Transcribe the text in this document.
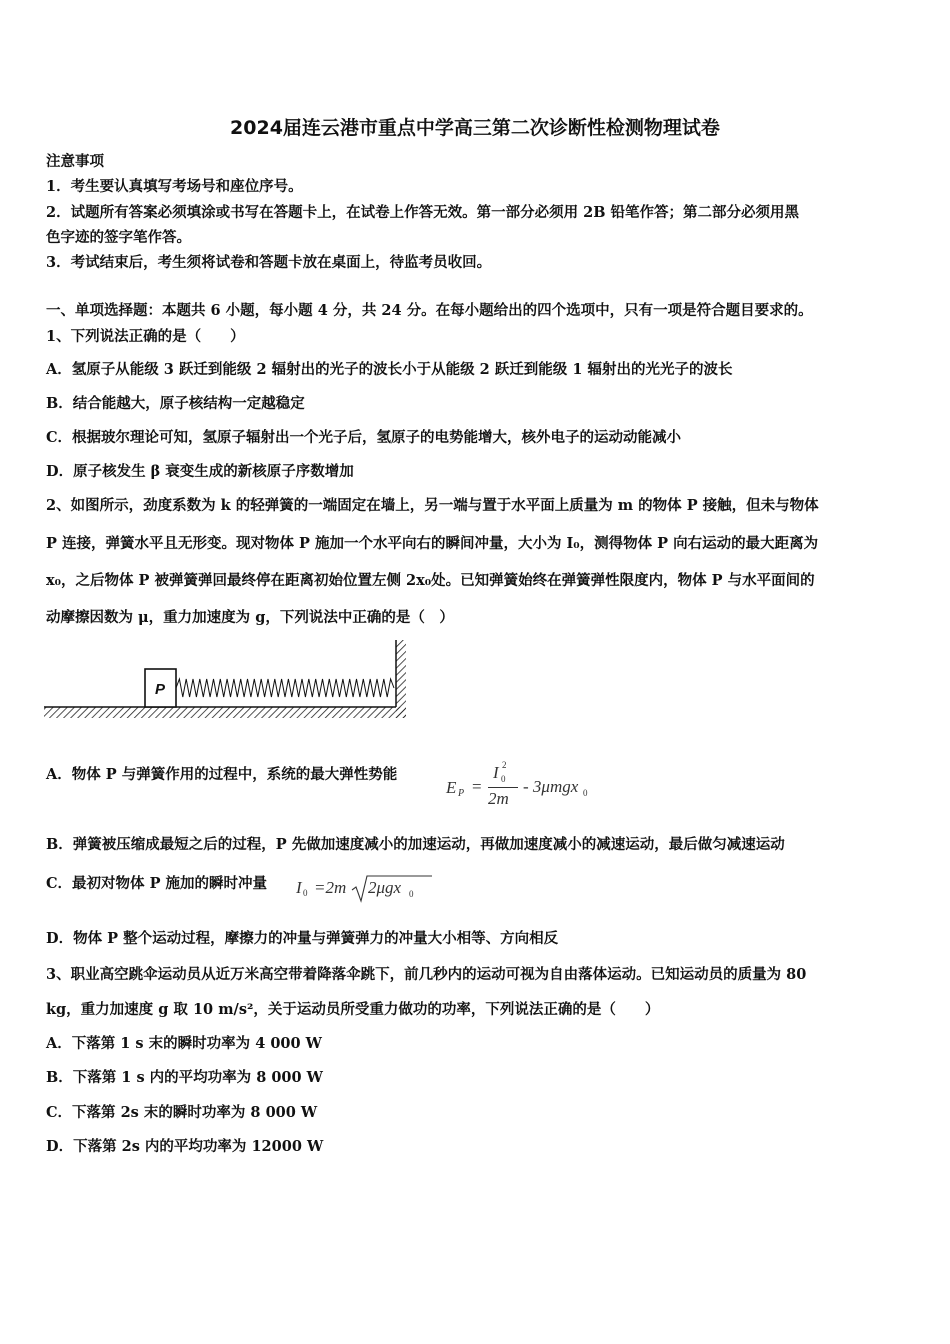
2024届连云港市重点中学高三第二次诊断性检测物理试卷
注意事项
1．考生要认真填写考场号和座位序号。
2．试题所有答案必须填涂或书写在答题卡上，在试卷上作答无效。第一部分必须用 2B 铅笔作答；第二部分必须用黑
色字迹的签字笔作答。
3．考试结束后，考生须将试卷和答题卡放在桌面上，待监考员收回。
一、单项选择题：本题共 6 小题，每小题 4 分，共 24 分。在每小题给出的四个选项中，只有一项是符合题目要求的。
1、下列说法正确的是（　　）
A．氢原子从能级 3 跃迁到能级 2 辐射出的光子的波长小于从能级 2 跃迁到能级 1 辐射出的光光子的波长
B．结合能越大，原子核结构一定越稳定
C．根据玻尔理论可知，氢原子辐射出一个光子后，氢原子的电势能增大，核外电子的运动动能减小
D．原子核发生 β 衰变生成的新核原子序数增加
2、如图所示，劲度系数为 k 的轻弹簧的一端固定在墙上，另一端与置于水平面上质量为 m 的物体 P 接触，但未与物体
P 连接，弹簧水平且无形变。现对物体 P 施加一个水平向右的瞬间冲量，大小为 I₀，测得物体 P 向右运动的最大距离为
x₀，之后物体 P 被弹簧弹回最终停在距离初始位置左侧 2x₀处。已知弹簧始终在弹簧弹性限度内，物体 P 与水平面间的
动摩擦因数为 μ，重力加速度为 g，下列说法中正确的是（　）
P
A．物体 P 与弹簧作用的过程中，系统的最大弹性势能
E P =
I 2
0
2m
- 3μmgx 0
B．弹簧被压缩成最短之后的过程，P 先做加速度减小的加速运动，再做加速度减小的减速运动，最后做匀减速运动
C．最初对物体 P 施加的瞬时冲量 I 0 =2m 2μgx 0
D．物体 P 整个运动过程，摩擦力的冲量与弹簧弹力的冲量大小相等、方向相反
3、职业高空跳伞运动员从近万米高空带着降落伞跳下，前几秒内的运动可视为自由落体运动。已知运动员的质量为 80
kg，重力加速度 g 取 10 m/s²，关于运动员所受重力做功的功率，下列说法正确的是（　　）
A．下落第 1 s 末的瞬时功率为 4 000 W
B．下落第 1 s 内的平均功率为 8 000 W
C．下落第 2s 末的瞬时功率为 8 000 W
D．下落第 2s 内的平均功率为 12000 W
